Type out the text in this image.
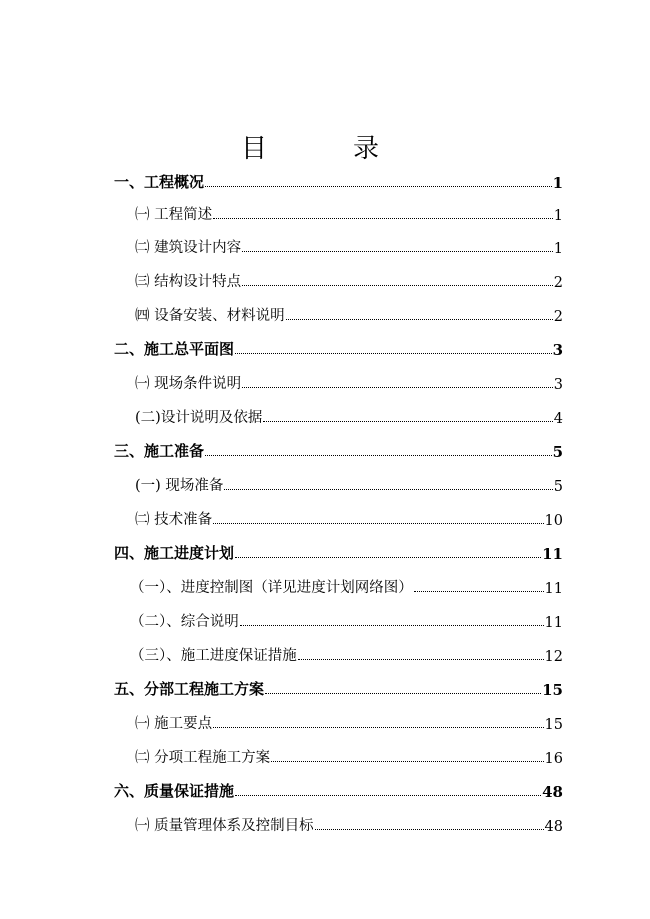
目　录
一、工程概况	1
㈠ 工程简述	1
㈡ 建筑设计内容	1
㈢ 结构设计特点	2
㈣ 设备安装、材料说明	2
二、施工总平面图	3
㈠ 现场条件说明	3
(二)设计说明及依据	4
三、施工准备	5
(一) 现场准备	5
㈡ 技术准备	10
四、施工进度计划	11
（一）、进度控制图（详见进度计划网络图）	11
（二）、综合说明	11
（三）、施工进度保证措施	12
五、分部工程施工方案	15
㈠ 施工要点	15
㈡ 分项工程施工方案	16
六、质量保证措施	48
㈠ 质量管理体系及控制目标	48
